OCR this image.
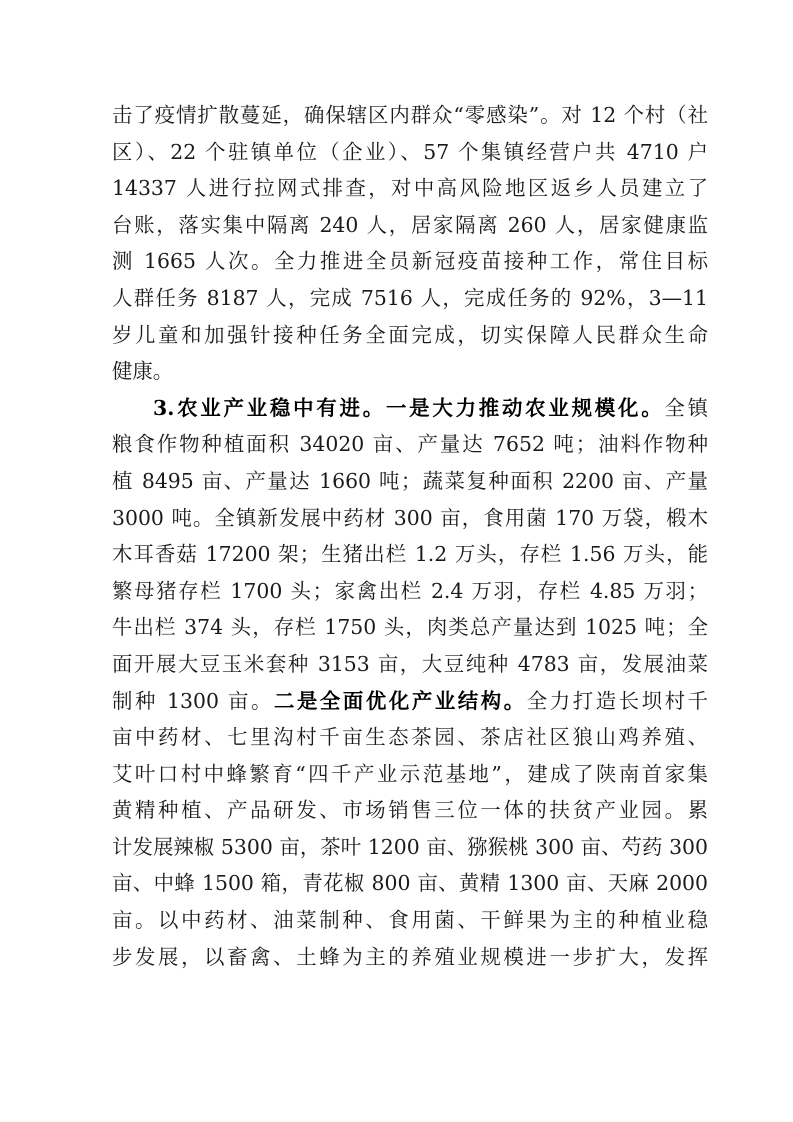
击了疫情扩散蔓延，确保辖区内群众“零感染”。对 12 个村（社
区）、22 个驻镇单位（企业）、57 个集镇经营户共 4710 户
14337 人进行拉网式排查，对中高风险地区返乡人员建立了
台账，落实集中隔离 240 人，居家隔离 260 人，居家健康监
测 1665 人次。全力推进全员新冠疫苗接种工作，常住目标
人群任务 8187 人，完成 7516 人，完成任务的 92%，3—11
岁儿童和加强针接种任务全面完成，切实保障人民群众生命
健康。
3.农业产业稳中有进。一是大力推动农业规模化。全镇
粮食作物种植面积 34020 亩、产量达 7652 吨；油料作物种
植 8495 亩、产量达 1660 吨；蔬菜复种面积 2200 亩、产量
3000 吨。全镇新发展中药材 300 亩，食用菌 170 万袋，椴木
木耳香菇 17200 架；生猪出栏 1.2 万头，存栏 1.56 万头，能
繁母猪存栏 1700 头；家禽出栏 2.4 万羽，存栏 4.85 万羽；
牛出栏 374 头，存栏 1750 头，肉类总产量达到 1025 吨；全
面开展大豆玉米套种 3153 亩，大豆纯种 4783 亩，发展油菜
制种 1300 亩。二是全面优化产业结构。全力打造长坝村千
亩中药材、七里沟村千亩生态茶园、茶店社区狼山鸡养殖、
艾叶口村中蜂繁育“四千产业示范基地”，建成了陕南首家集
黄精种植、产品研发、市场销售三位一体的扶贫产业园。累
计发展辣椒 5300 亩，茶叶 1200 亩、猕猴桃 300 亩、芍药 300
亩、中蜂 1500 箱，青花椒 800 亩、黄精 1300 亩、天麻 2000
亩。以中药材、油菜制种、食用菌、干鲜果为主的种植业稳
步发展，以畜禽、土蜂为主的养殖业规模进一步扩大，发挥
